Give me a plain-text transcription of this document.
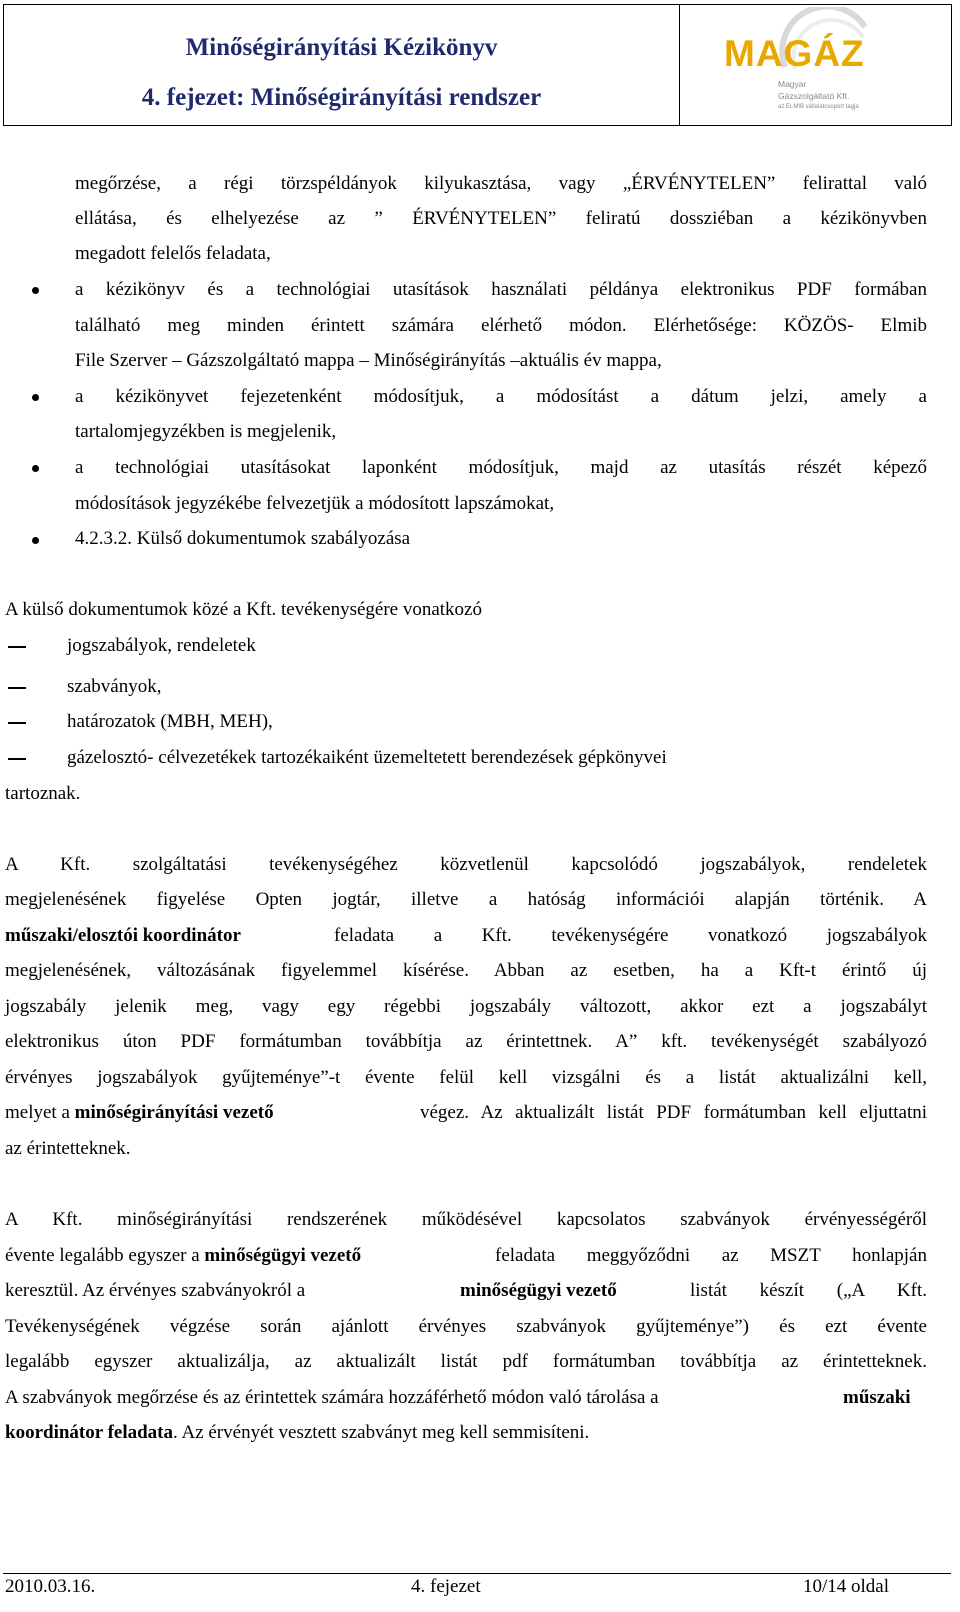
Minőségirányítási Kézikönyv
4. fejezet: Minőségirányítási rendszer
MAGÁZ
Magyar
Gázszolgáltató Kft.
az ELMIB vállalatcsoport tagja
megőrzése, a régi törzspéldányok kilyukasztása, vagy „ÉRVÉNYTELEN” felirattal való
ellátása, és elhelyezése az ” ÉRVÉNYTELEN” feliratú dossziéban a kézikönyvben
megadott felelős feladata,
a kézikönyv és a technológiai utasítások használati példánya elektronikus PDF formában
található meg minden érintett számára elérhető módon. Elérhetősége: KÖZÖS- Elmib
File Szerver – Gázszolgáltató mappa – Minőségirányítás –aktuális év mappa,
a kézikönyvet fejezetenként módosítjuk, a módosítást a dátum jelzi, amely a
tartalomjegyzékben is megjelenik,
a technológiai utasításokat laponként módosítjuk, majd az utasítás részét képező
módosítások jegyzékébe felvezetjük a módosított lapszámokat,
4.2.3.2. Külső dokumentumok szabályozása
A külső dokumentumok közé a Kft. tevékenységére vonatkozó
jogszabályok, rendeletek
szabványok,
határozatok (MBH, MEH),
gázelosztó- célvezetékek tartozékaiként üzemeltetett berendezések gépkönyvei
tartoznak.
A Kft. szolgáltatási tevékenységéhez közvetlenül kapcsolódó jogszabályok, rendeletek
megjelenésének figyelése Opten jogtár, illetve a hatóság információi alapján történik. A
műszaki/elosztói koordinátor	feladata a Kft. tevékenységére vonatkozó jogszabályok
megjelenésének, változásának figyelemmel kísérése. Abban az esetben, ha a Kft-t érintő új
jogszabály jelenik meg, vagy egy régebbi jogszabály változott, akkor ezt a jogszabályt
elektronikus úton PDF formátumban továbbítja az érintettnek. A” kft. tevékenységét szabályozó
érvényes jogszabályok gyűjteménye”-t évente felül kell vizsgálni és a listát aktualizálni kell,
melyet a minőségirányítási vezető	végez. Az aktualizált listát PDF formátumban kell eljuttatni
az érintetteknek.
A Kft. minőségirányítási rendszerének működésével kapcsolatos szabványok érvényességéről
évente legalább egyszer a minőségügyi vezető	feladata meggyőződni az MSZT honlapján
keresztül. Az érvényes szabványokról a	minőségügyi vezető	listát készít („A Kft.
Tevékenységének végzése során ajánlott érvényes szabványok gyűjteménye”) és ezt évente
legalább egyszer aktualizálja, az aktualizált listát pdf formátumban továbbítja az érintetteknek.
A szabványok megőrzése és az érintettek számára hozzáférhető módon való tárolása a	műszaki
koordinátor feladata. Az érvényét vesztett szabványt meg kell semmisíteni.
2010.03.16.	4. fejezet	10/14 oldal
